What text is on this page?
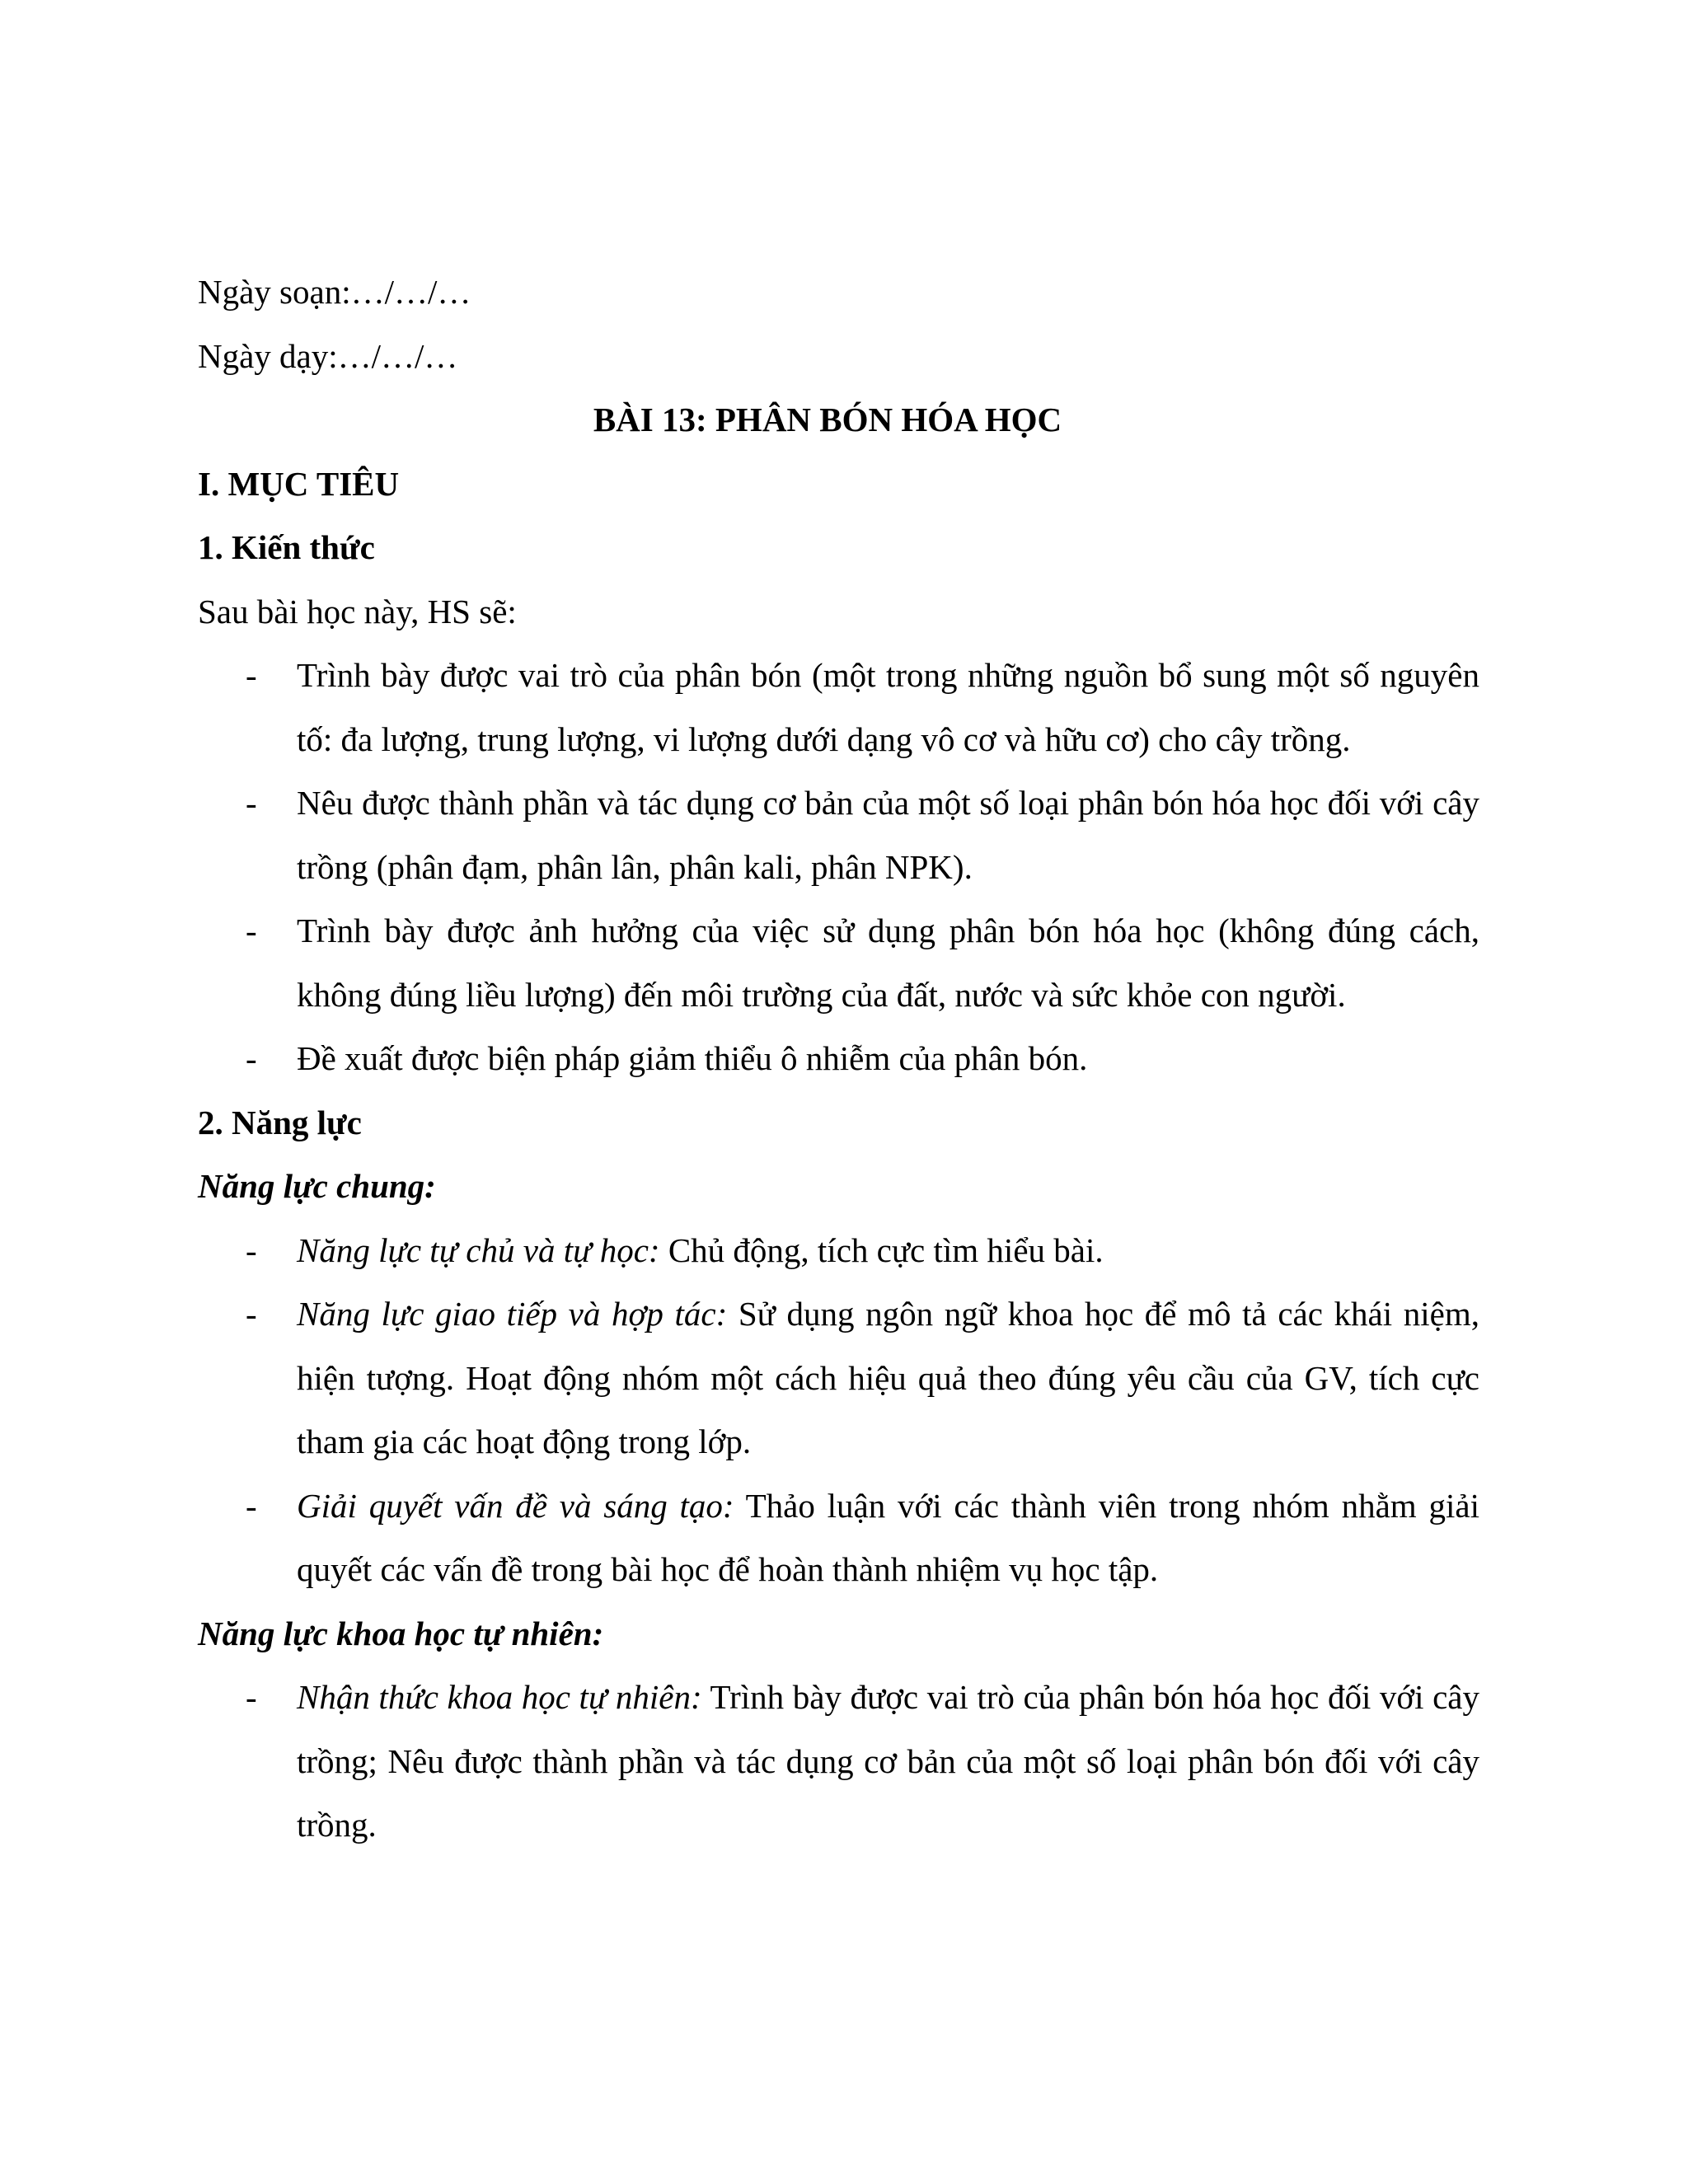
Ngày soạn:…/…/…

Ngày dạy:…/…/…

BÀI 13: PHÂN BÓN HÓA HỌC

I. MỤC TIÊU

1. Kiến thức

Sau bài học này, HS sẽ:

- Trình bày được vai trò của phân bón (một trong những nguồn bổ sung một số nguyên tố: đa lượng, trung lượng, vi lượng dưới dạng vô cơ và hữu cơ) cho cây trồng.
- Nêu được thành phần và tác dụng cơ bản của một số loại phân bón hóa học đối với cây trồng (phân đạm, phân lân, phân kali, phân NPK).
- Trình bày được ảnh hưởng của việc sử dụng phân bón hóa học (không đúng cách, không đúng liều lượng) đến môi trường của đất, nước và sức khỏe con người.
- Đề xuất được biện pháp giảm thiểu ô nhiễm của phân bón.

2. Năng lực

Năng lực chung:

- Năng lực tự chủ và tự học: Chủ động, tích cực tìm hiểu bài.
- Năng lực giao tiếp và hợp tác: Sử dụng ngôn ngữ khoa học để mô tả các khái niệm, hiện tượng. Hoạt động nhóm một cách hiệu quả theo đúng yêu cầu của GV, tích cực tham gia các hoạt động trong lớp.
- Giải quyết vấn đề và sáng tạo: Thảo luận với các thành viên trong nhóm nhằm giải quyết các vấn đề trong bài học để hoàn thành nhiệm vụ học tập.

Năng lực khoa học tự nhiên:

- Nhận thức khoa học tự nhiên: Trình bày được vai trò của phân bón hóa học đối với cây trồng; Nêu được thành phần và tác dụng cơ bản của một số loại phân bón đối với cây trồng.
